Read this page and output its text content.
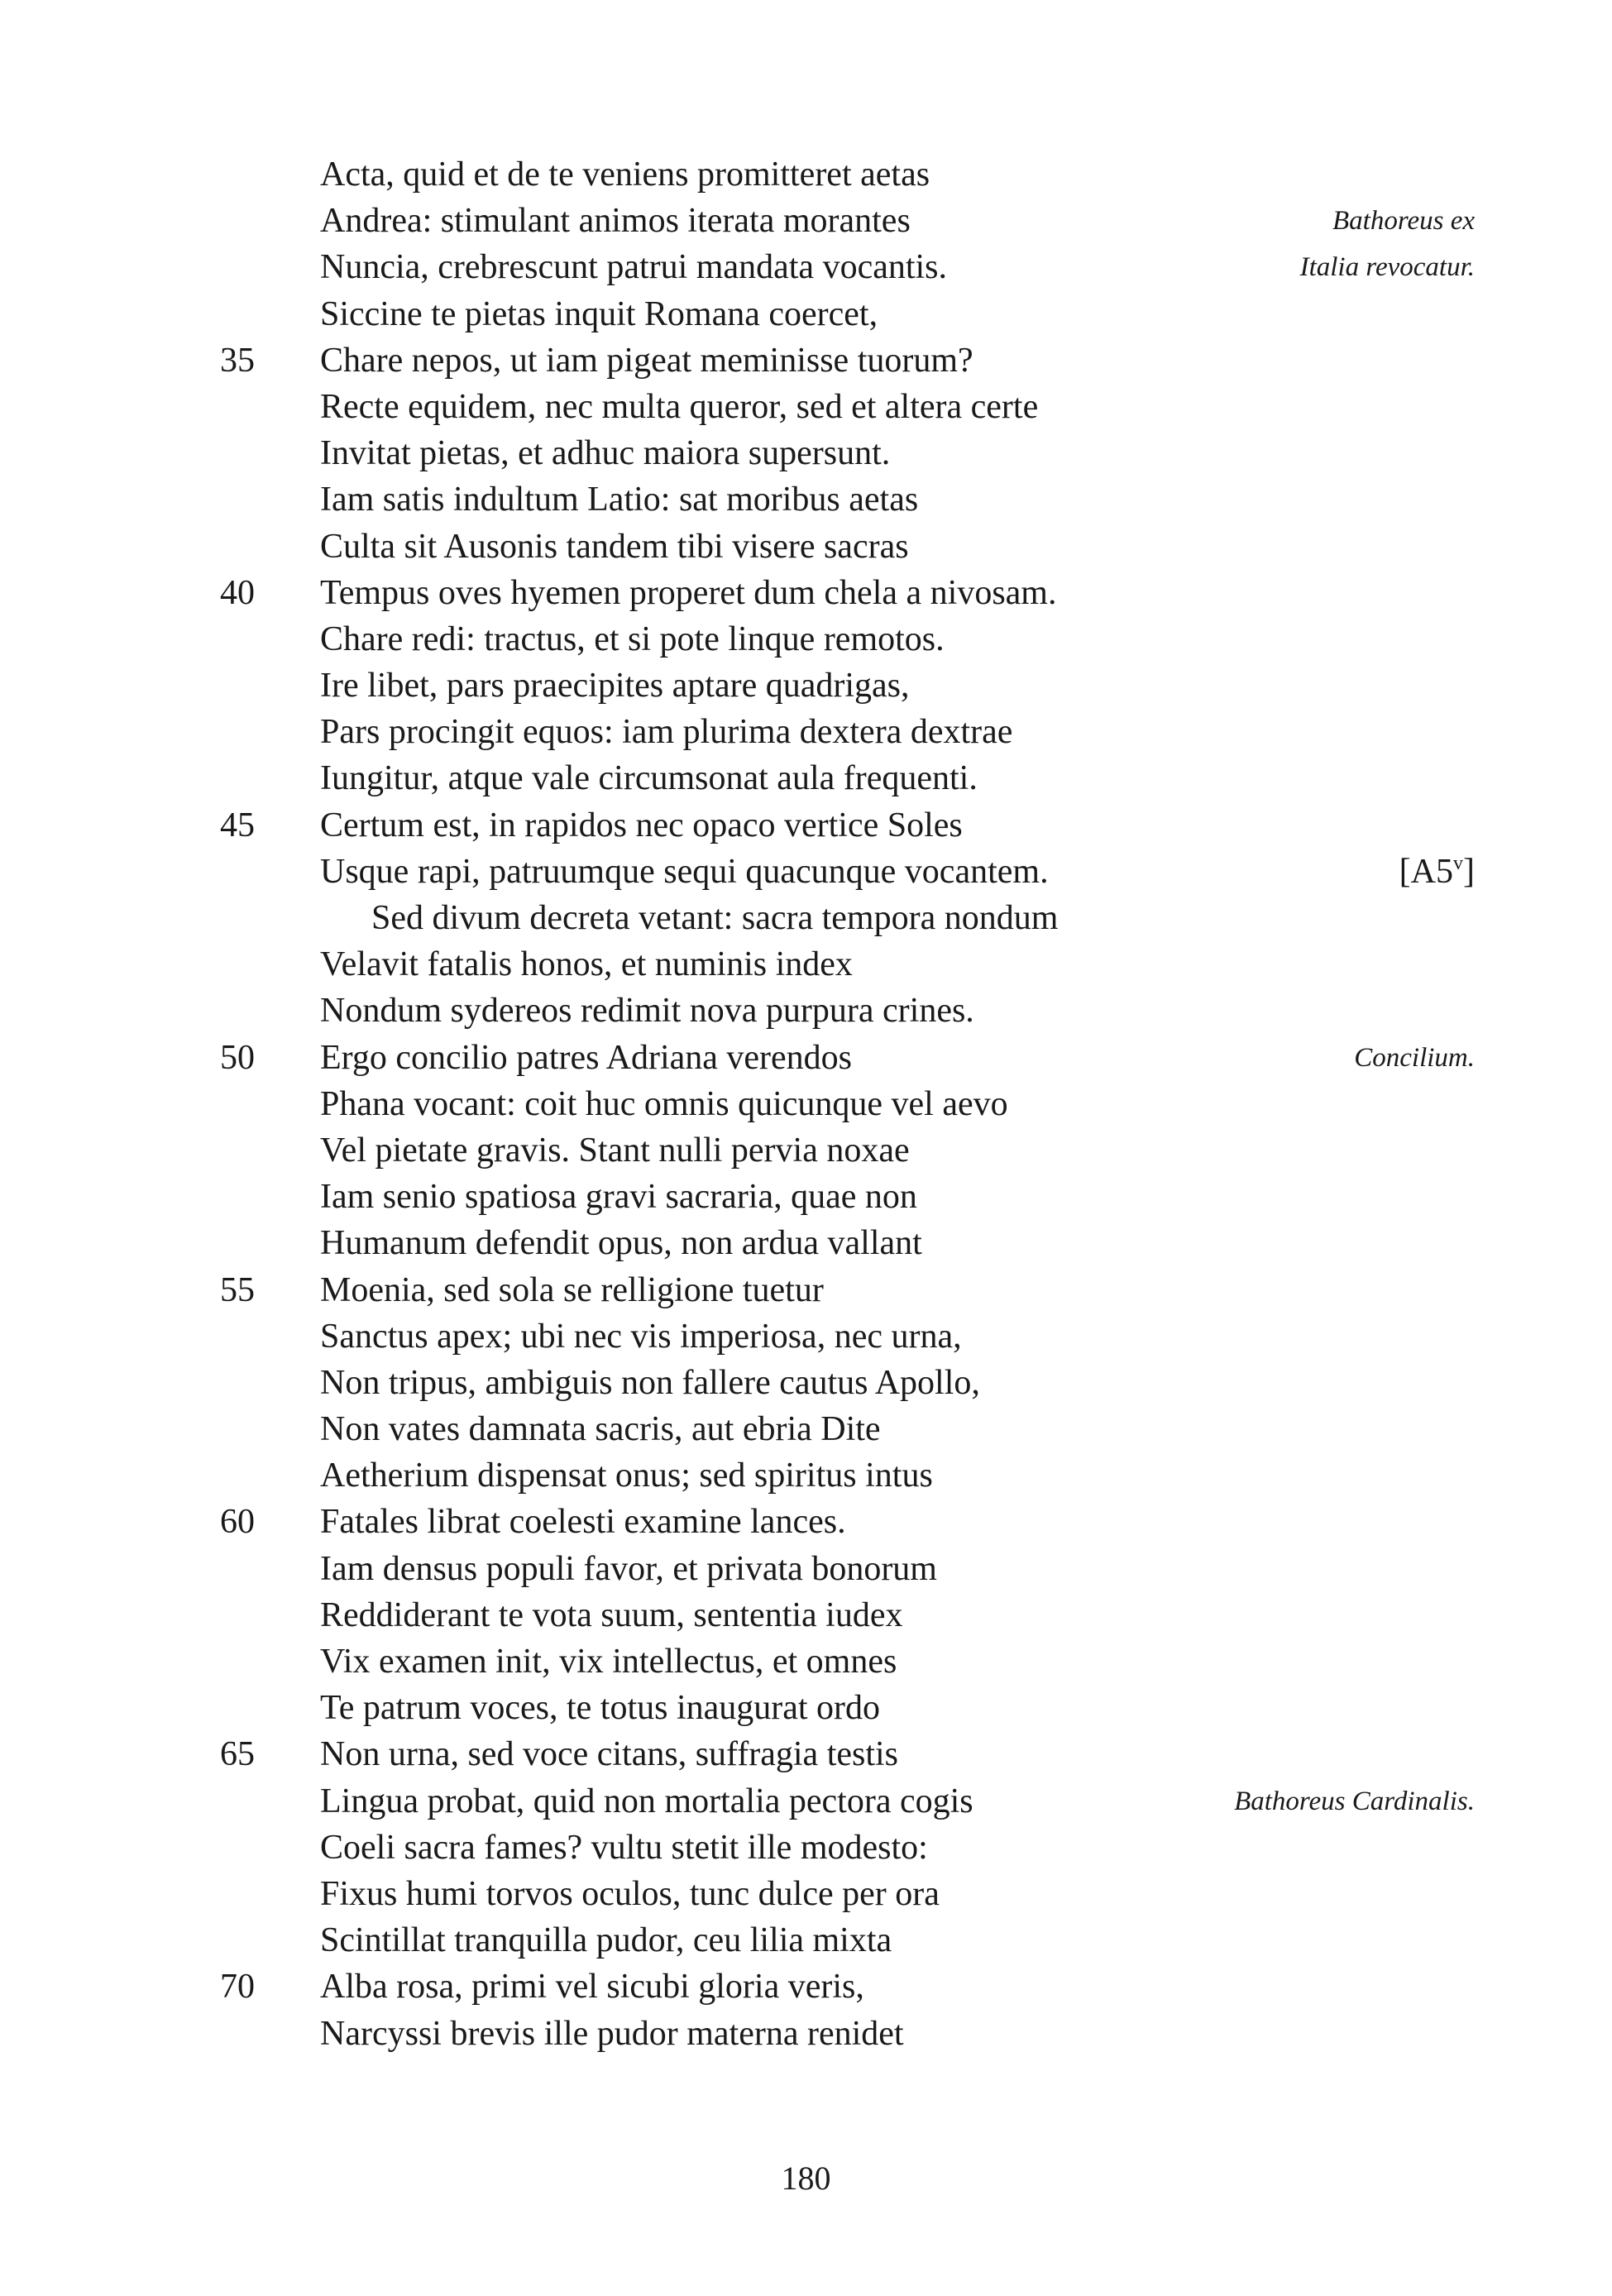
Acta, quid et de te veniens promitteret aetas
Andrea: stimulant animos iterata morantes	Bathoreus ex
Nuncia, crebrescunt patrui mandata vocantis.	Italia revocatur.
Siccine te pietas inquit Romana coercet,
35	Chare nepos, ut iam pigeat meminisse tuorum?
Recte equidem, nec multa queror, sed et altera certe
Invitat pietas, et adhuc maiora supersunt.
Iam satis indultum Latio: sat moribus aetas
Culta sit Ausonis tandem tibi visere sacras
40	Tempus oves hyemen properet dum chela a nivosam.
Chare redi: tractus, et si pote linque remotos.
Ire libet, pars praecipites aptare quadrigas,
Pars procingit equos: iam plurima dextera dextrae
Iungitur, atque vale circumsonat aula frequenti.
45	Certum est, in rapidos nec opaco vertice Soles
Usque rapi, patruumque sequi quacunque vocantem.	[A5$^v$]
Sed divum decreta vetant: sacra tempora nondum
Velavit fatalis honos, et numinis index
Nondum sydereos redimit nova purpura crines.
50	Ergo concilio patres Adriana verendos	Concilium.
Phana vocant: coit huc omnis quicunque vel aevo
Vel pietate gravis. Stant nulli pervia noxae
Iam senio spatiosa gravi sacraria, quae non
Humanum defendit opus, non ardua vallant
55	Moenia, sed sola se relligione tuetur
Sanctus apex; ubi nec vis imperiosa, nec urna,
Non tripus, ambiguis non fallere cautus Apollo,
Non vates damnata sacris, aut ebria Dite
Aetherium dispensat onus; sed spiritus intus
60	Fatales librat coelesti examine lances.
Iam densus populi favor, et privata bonorum
Reddiderant te vota suum, sententia iudex
Vix examen init, vix intellectus, et omnes
Te patrum voces, te totus inaugurat ordo
65	Non urna, sed voce citans, suffragia testis
Lingua probat, quid non mortalia pectora cogis	Bathoreus Cardinalis.
Coeli sacra fames? vultu stetit ille modesto:
Fixus humi torvos oculos, tunc dulce per ora
Scintillat tranquilla pudor, ceu lilia mixta
70	Alba rosa, primi vel sicubi gloria veris,
Narcyssi brevis ille pudor materna renidet
180
